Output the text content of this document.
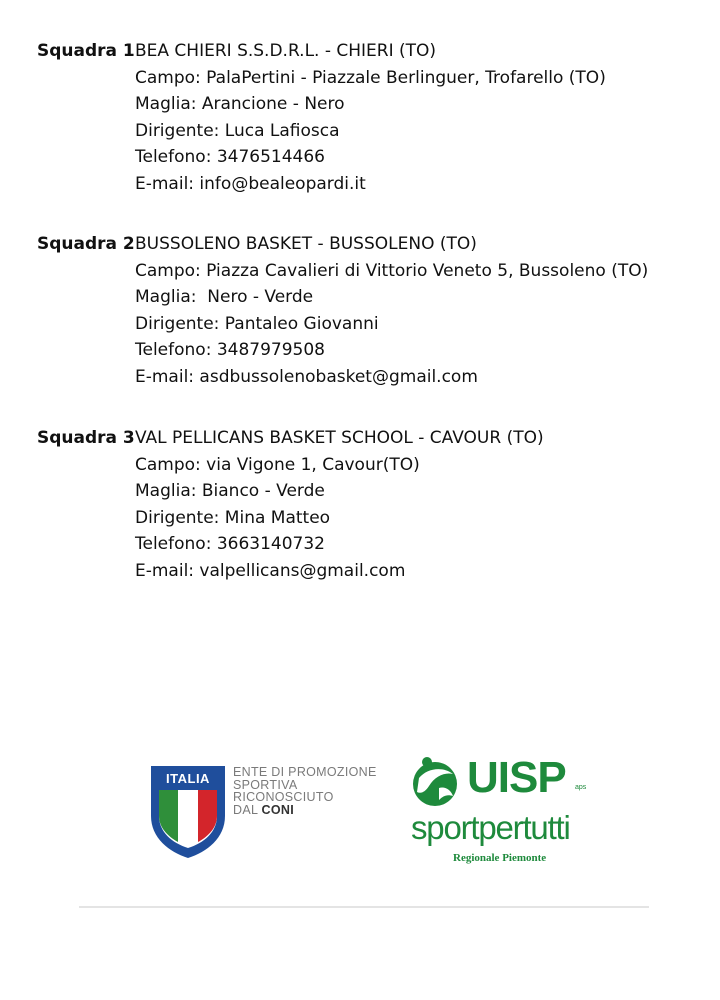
Squadra 1BEA CHIERI S.S.D.R.L. - CHIERI (TO)
Campo: PalaPertini - Piazzale Berlinguer, Trofarello (TO)
Maglia: Arancione - Nero
Dirigente: Luca Lafiosca
Telefono: 3476514466
E-mail: info@bealeopardi.it
Squadra 2BUSSOLENO BASKET - BUSSOLENO (TO)
Campo: Piazza Cavalieri di Vittorio Veneto 5, Bussoleno (TO)
Maglia:  Nero - Verde
Dirigente: Pantaleo Giovanni
Telefono: 3487979508
E-mail: asdbussolenobasket@gmail.com
Squadra 3VAL PELLICANS BASKET SCHOOL - CAVOUR (TO)
Campo: via Vigone 1, Cavour(TO)
Maglia: Bianco - Verde
Dirigente: Mina Matteo
Telefono: 3663140732
E-mail: valpellicans@gmail.com
ITALIA ENTE DI PROMOZIONE
SPORTIVA
RICONOSCIUTO
DAL CONI
UISP aps
sportpertutti
Regionale Piemonte
